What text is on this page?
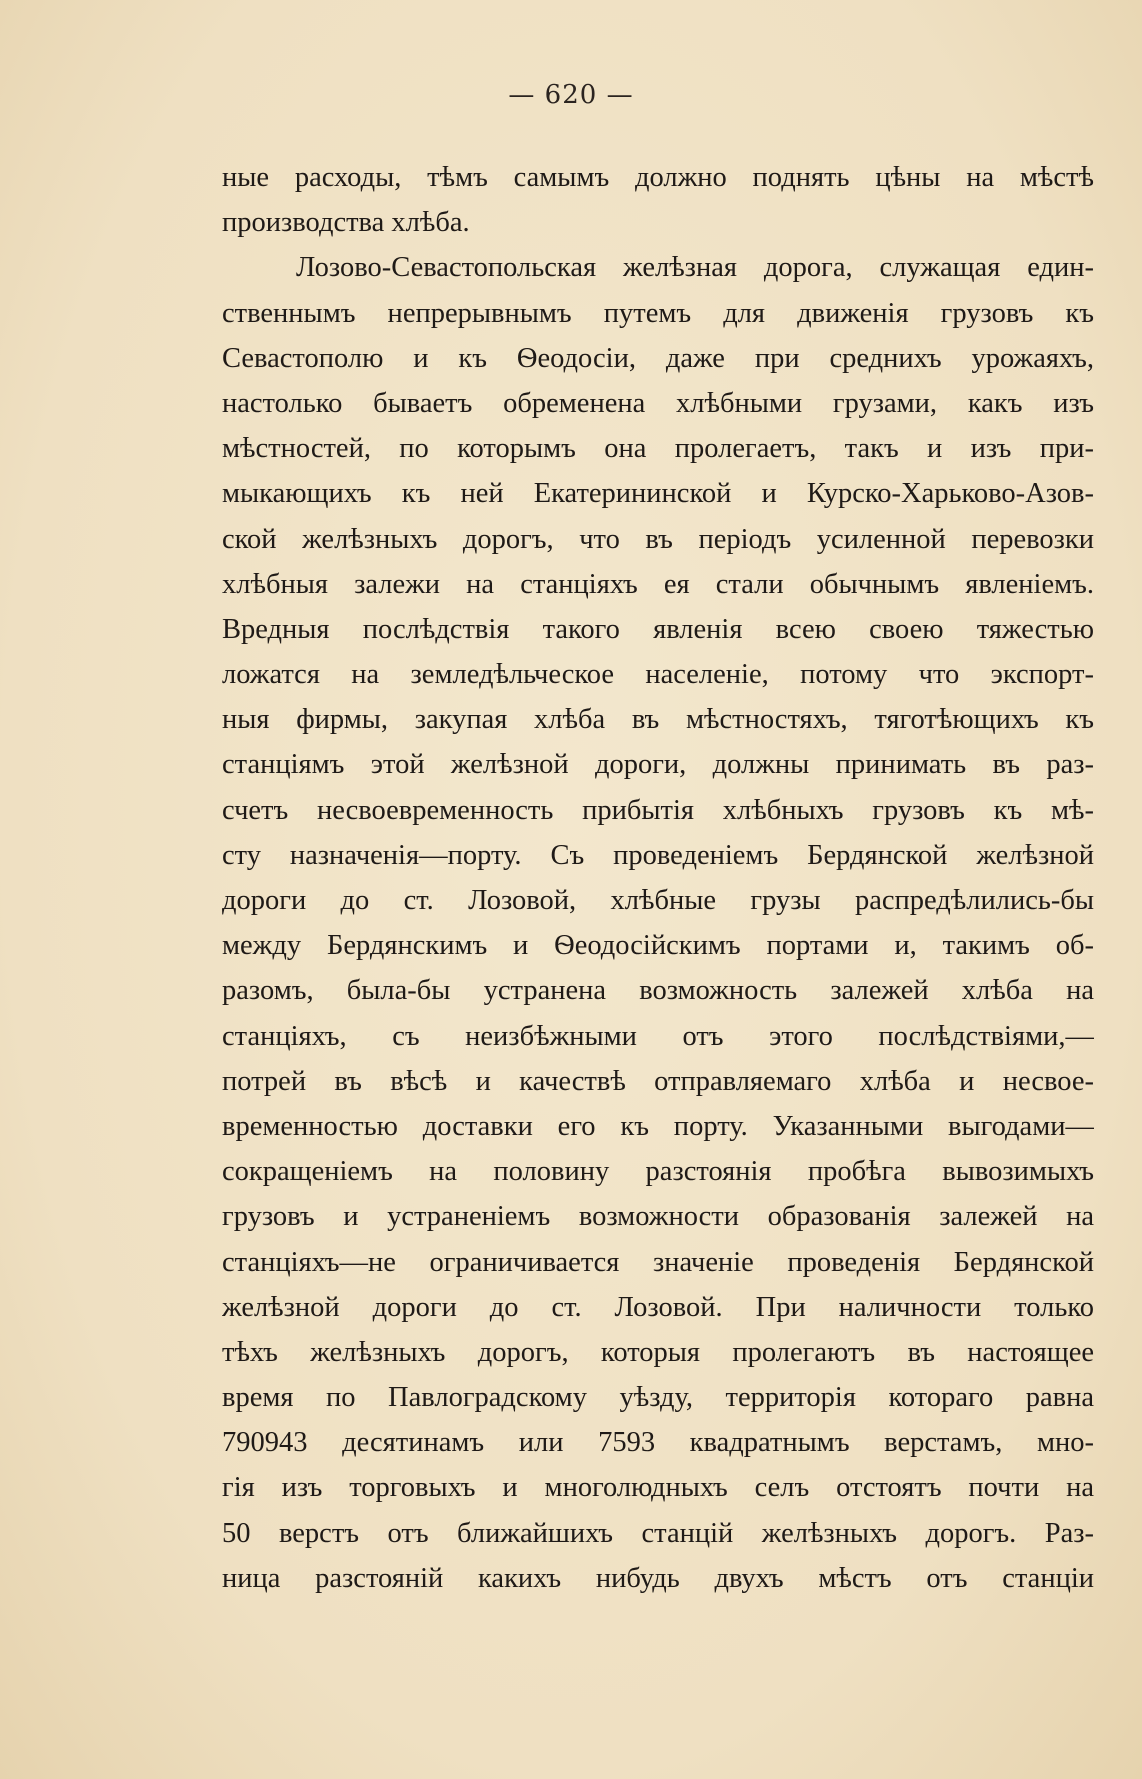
— 620 —
ные расходы, тѣмъ самымъ должно поднять цѣны на мѣстѣ
производства хлѣба.
Лозово-Севастопольская желѣзная дорога, служащая един-
ственнымъ непрерывнымъ путемъ для движенія грузовъ къ
Севастополю и къ Ѳеодосіи, даже при среднихъ урожаяхъ,
настолько бываетъ обременена хлѣбными грузами, какъ изъ
мѣстностей, по которымъ она пролегаетъ, такъ и изъ при-
мыкающихъ къ ней Екатерининской и Курско-Харьково-Азов-
ской желѣзныхъ дорогъ, что въ періодъ усиленной перевозки
хлѣбныя залежи на станціяхъ ея стали обычнымъ явленіемъ.
Вредныя послѣдствія такого явленія всею своею тяжестью
ложатся на земледѣльческое населеніе, потому что экспорт-
ныя фирмы, закупая хлѣба въ мѣстностяхъ, тяготѣющихъ къ
станціямъ этой желѣзной дороги, должны принимать въ раз-
счетъ несвоевременность прибытія хлѣбныхъ грузовъ къ мѣ-
сту назначенія—порту. Съ проведеніемъ Бердянской желѣзной
дороги до ст. Лозовой, хлѣбные грузы распредѣлились-бы
между Бердянскимъ и Ѳеодосійскимъ портами и, такимъ об-
разомъ, была-бы устранена возможность залежей хлѣба на
станціяхъ, съ неизбѣжными отъ этого послѣдствіями,—
потрей въ вѣсѣ и качествѣ отправляемаго хлѣба и несвое-
временностью доставки его къ порту. Указанными выгодами—
сокращеніемъ на половину разстоянія пробѣга вывозимыхъ
грузовъ и устраненіемъ возможности образованія залежей на
станціяхъ—не ограничивается значеніе проведенія Бердянской
желѣзной дороги до ст. Лозовой. При наличности только
тѣхъ желѣзныхъ дорогъ, которыя пролегаютъ въ настоящее
время по Павлоградскому уѣзду, территорія котораго равна
790943 десятинамъ или 7593 квадратнымъ верстамъ, мно-
гія изъ торговыхъ и многолюдныхъ селъ отстоятъ почти на
50 верстъ отъ ближайшихъ станцій желѣзныхъ дорогъ. Раз-
ница разстояній какихъ нибудь двухъ мѣстъ отъ станціи
